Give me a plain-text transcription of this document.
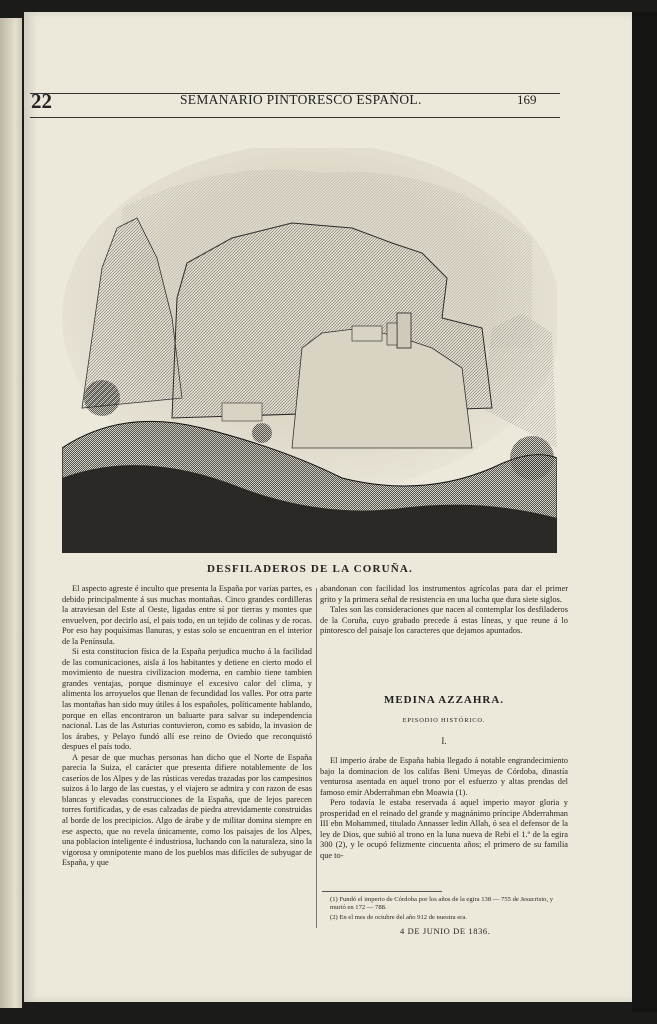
22	SEMANARIO PINTORESCO ESPAÑOL.	169
DESFILADEROS DE LA CORUÑA.

El aspecto agreste é inculto que presenta la España por varias partes, es debido principalmente á sus muchas montañas. Cinco grandes cordilleras la atraviesan del Este al Oeste, ligadas entre sí por tierras y montes que envuelven, por decirlo así, el pais todo, en un tejido de colinas y de rocas. Por eso hay poquísimas llanuras, y estas solo se encuentran en el interior de la Península.

Si esta constitucion física de la España perjudica mucho á la facilidad de las comunicaciones, aisla á los habitantes y detiene en cierto modo el movimiento de nuestra civilizacion moderna, en cambio tiene tambien grandes ventajas, porque disminuye el excesivo calor del clima, y alimenta los arroyuelos que llenan de fecundidad los valles. Por otra parte las montañas han sido muy útiles á los españoles, políticamente hablando, porque en ellas encontraron un baluarte para salvar su independencia nacional. Las de las Asturias contuvieron, como es sabido, la invasion de los árabes, y Pelayo fundó allí ese reino de Oviedo que reconquistó despues el país todo.

A pesar de que muchas personas han dicho que el Norte de España parecia la Suiza, el carácter que presenta difiere notablemente de los caseríos de los Alpes y de las rústicas veredas trazadas por los campesinos suizos á lo largo de las cuestas, y el viajero se admira y con razon de esas blancas y elevadas construcciones de la España, que de lejos parecen torres fortificadas, y de esas calzadas de piedra atrevidamente construidas al borde de los precipicios. Algo de árabe y de militar domina siempre en ese aspecto, que no revela únicamente, como los paisajes de los Alpes, una poblacion inteligente é industriosa, luchando con la naturaleza, sino la vigorosa y omnipotente mano de los pueblos mas difíciles de subyugar de España, y que

abandonan con facilidad los instrumentos agrícolas para dar el primer grito y la primera señal de resistencia en una lucha que dura siete siglos.

Tales son las consideraciones que nacen al contemplar los desfiladeros de la Coruña, cuyo grabado precede á estas líneas, y que reune á lo pintoresco del paisaje los caracteres que dejamos apuntados.

MEDINA AZZAHRA.
EPISODIO HISTÓRICO.
I.

El imperio árabe de España habia llegado á notable engrandecimiento bajo la dominacion de los califas Beni Umeyas de Córdoba, dinastía venturosa asentada en aquel trono por el esfuerzo y altas prendas del famoso emir Abderrahman ebn Moawia (1).

Pero todavía le estaba reservada á aquel imperio mayor gloria y prosperidad en el reinado del grande y magnánimo príncipe Abderrahman III ebn Mohammed, titulado Annasser ledin Allah, ó sea el defensor de la ley de Dios, que subió al trono en la luna nueva de Rebi el 1.º de la egira 300 (2), y le ocupó felizmente cincuenta años; el primero de su familia que to-

(1) Fundó el imperio de Córdoba por los años de la egira 138 — 755 de Jesucristo, y murió en 172 — 788.
(2) En el mes de octubre del año 912 de nuestra era.
4 DE JUNIO DE 1836.
